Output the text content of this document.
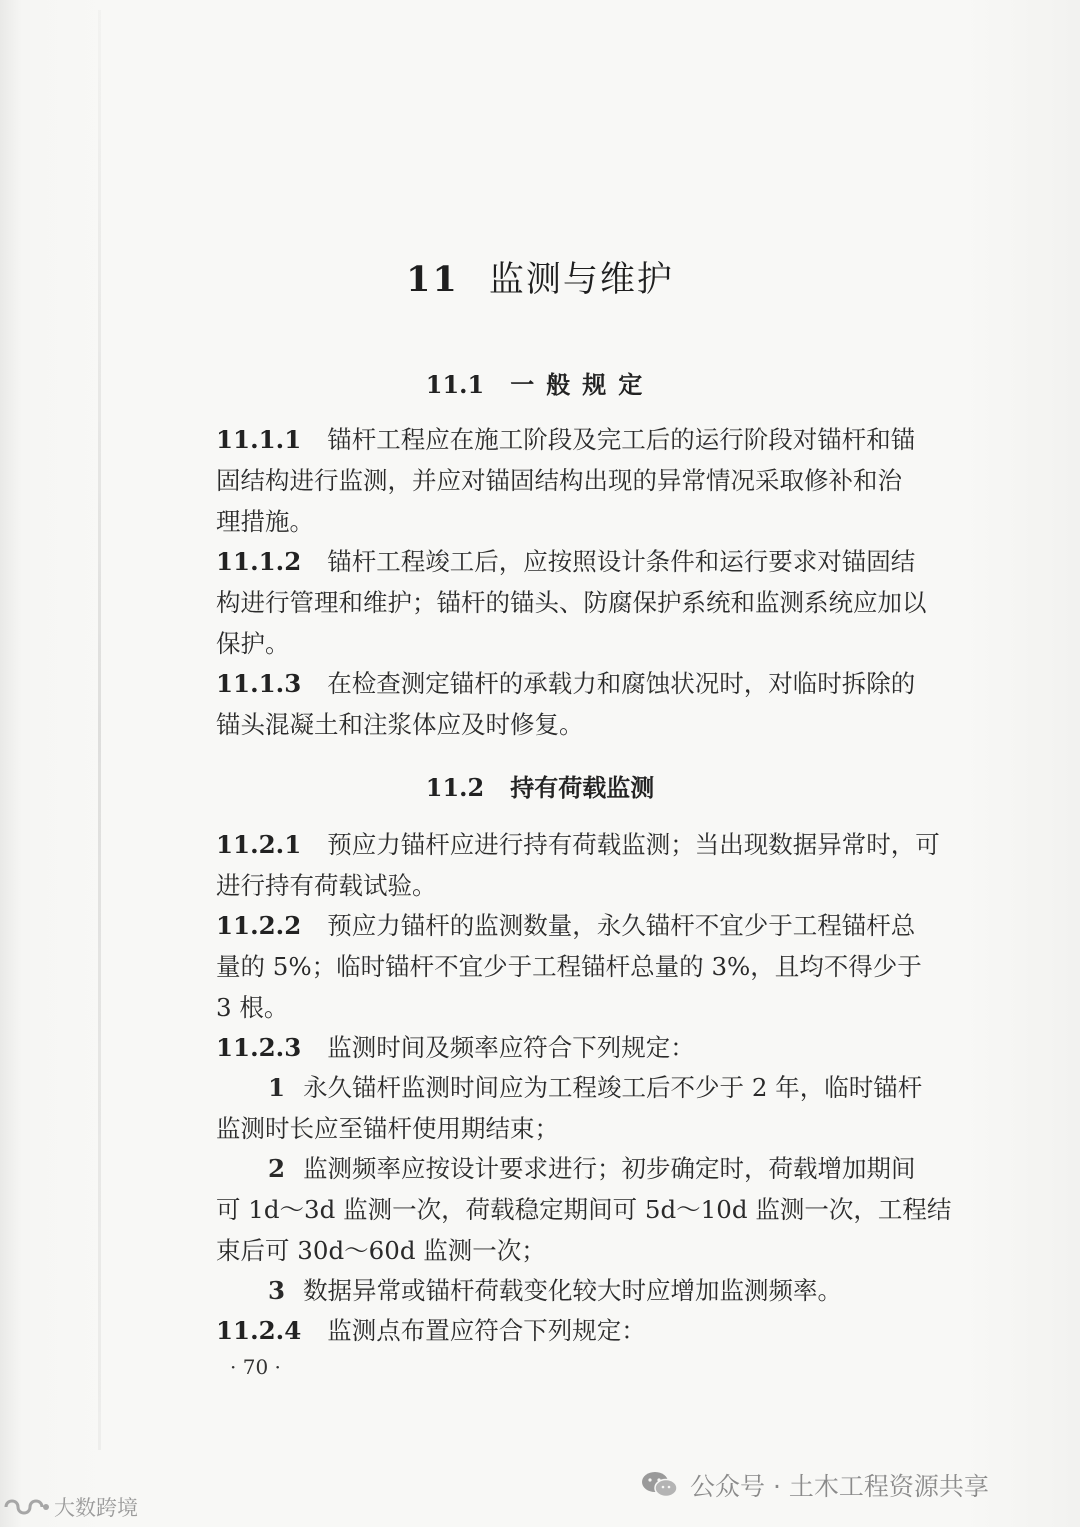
11 监测与维护
11.1 一般规定
11.1.1 锚杆工程应在施工阶段及完工后的运行阶段对锚杆和锚
固结构进行监测，并应对锚固结构出现的异常情况采取修补和治
理措施。
11.1.2 锚杆工程竣工后，应按照设计条件和运行要求对锚固结
构进行管理和维护；锚杆的锚头、防腐保护系统和监测系统应加以
保护。
11.1.3 在检查测定锚杆的承载力和腐蚀状况时，对临时拆除的
锚头混凝土和注浆体应及时修复。
11.2 持有荷载监测
11.2.1 预应力锚杆应进行持有荷载监测；当出现数据异常时，可
进行持有荷载试验。
11.2.2 预应力锚杆的监测数量，永久锚杆不宜少于工程锚杆总
量的 5%；临时锚杆不宜少于工程锚杆总量的 3%，且均不得少于
3 根。
11.2.3 监测时间及频率应符合下列规定：
1 永久锚杆监测时间应为工程竣工后不少于 2 年，临时锚杆
监测时长应至锚杆使用期结束；
2 监测频率应按设计要求进行；初步确定时，荷载增加期间
可 1d～3d 监测一次，荷载稳定期间可 5d～10d 监测一次，工程结
束后可 30d～60d 监测一次；
3 数据异常或锚杆荷载变化较大时应增加监测频率。
11.2.4 监测点布置应符合下列规定：
· 70 ·
公众号 · 土木工程资源共享
大数跨境
